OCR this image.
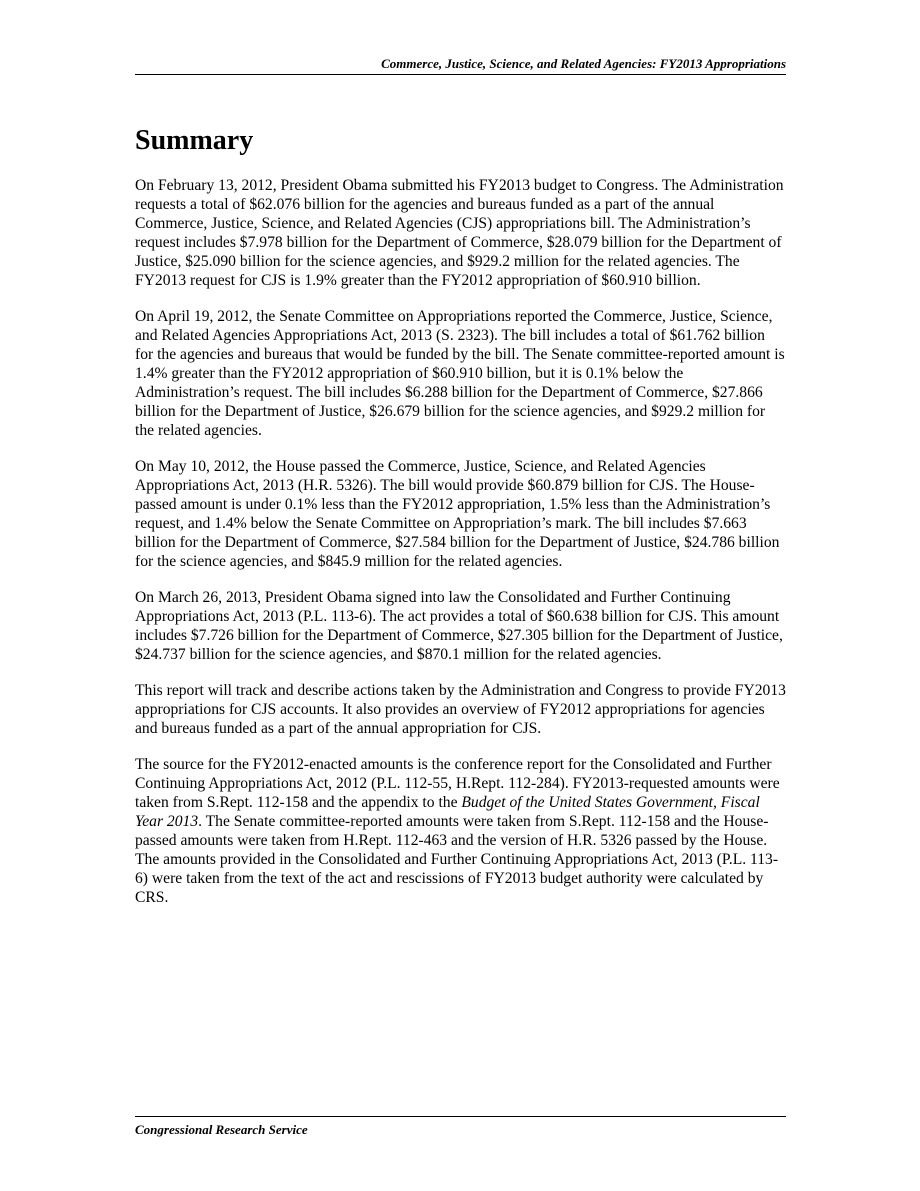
Commerce, Justice, Science, and Related Agencies: FY2013 Appropriations
Summary

On February 13, 2012, President Obama submitted his FY2013 budget to Congress. The Administration requests a total of $62.076 billion for the agencies and bureaus funded as a part of the annual Commerce, Justice, Science, and Related Agencies (CJS) appropriations bill. The Administration’s request includes $7.978 billion for the Department of Commerce, $28.079 billion for the Department of Justice, $25.090 billion for the science agencies, and $929.2 million for the related agencies. The FY2013 request for CJS is 1.9% greater than the FY2012 appropriation of $60.910 billion.

On April 19, 2012, the Senate Committee on Appropriations reported the Commerce, Justice, Science, and Related Agencies Appropriations Act, 2013 (S. 2323). The bill includes a total of $61.762 billion for the agencies and bureaus that would be funded by the bill. The Senate committee-reported amount is 1.4% greater than the FY2012 appropriation of $60.910 billion, but it is 0.1% below the Administration’s request. The bill includes $6.288 billion for the Department of Commerce, $27.866 billion for the Department of Justice, $26.679 billion for the science agencies, and $929.2 million for the related agencies.

On May 10, 2012, the House passed the Commerce, Justice, Science, and Related Agencies Appropriations Act, 2013 (H.R. 5326). The bill would provide $60.879 billion for CJS. The House-passed amount is under 0.1% less than the FY2012 appropriation, 1.5% less than the Administration’s request, and 1.4% below the Senate Committee on Appropriation’s mark. The bill includes $7.663 billion for the Department of Commerce, $27.584 billion for the Department of Justice, $24.786 billion for the science agencies, and $845.9 million for the related agencies.

On March 26, 2013, President Obama signed into law the Consolidated and Further Continuing Appropriations Act, 2013 (P.L. 113-6). The act provides a total of $60.638 billion for CJS. This amount includes $7.726 billion for the Department of Commerce, $27.305 billion for the Department of Justice, $24.737 billion for the science agencies, and $870.1 million for the related agencies.

This report will track and describe actions taken by the Administration and Congress to provide FY2013 appropriations for CJS accounts. It also provides an overview of FY2012 appropriations for agencies and bureaus funded as a part of the annual appropriation for CJS.

The source for the FY2012-enacted amounts is the conference report for the Consolidated and Further Continuing Appropriations Act, 2012 (P.L. 112-55, H.Rept. 112-284). FY2013-requested amounts were taken from S.Rept. 112-158 and the appendix to the Budget of the United States Government, Fiscal Year 2013. The Senate committee-reported amounts were taken from S.Rept. 112-158 and the House-passed amounts were taken from H.Rept. 112-463 and the version of H.R. 5326 passed by the House. The amounts provided in the Consolidated and Further Continuing Appropriations Act, 2013 (P.L. 113-6) were taken from the text of the act and rescissions of FY2013 budget authority were calculated by CRS.

Congressional Research Service
